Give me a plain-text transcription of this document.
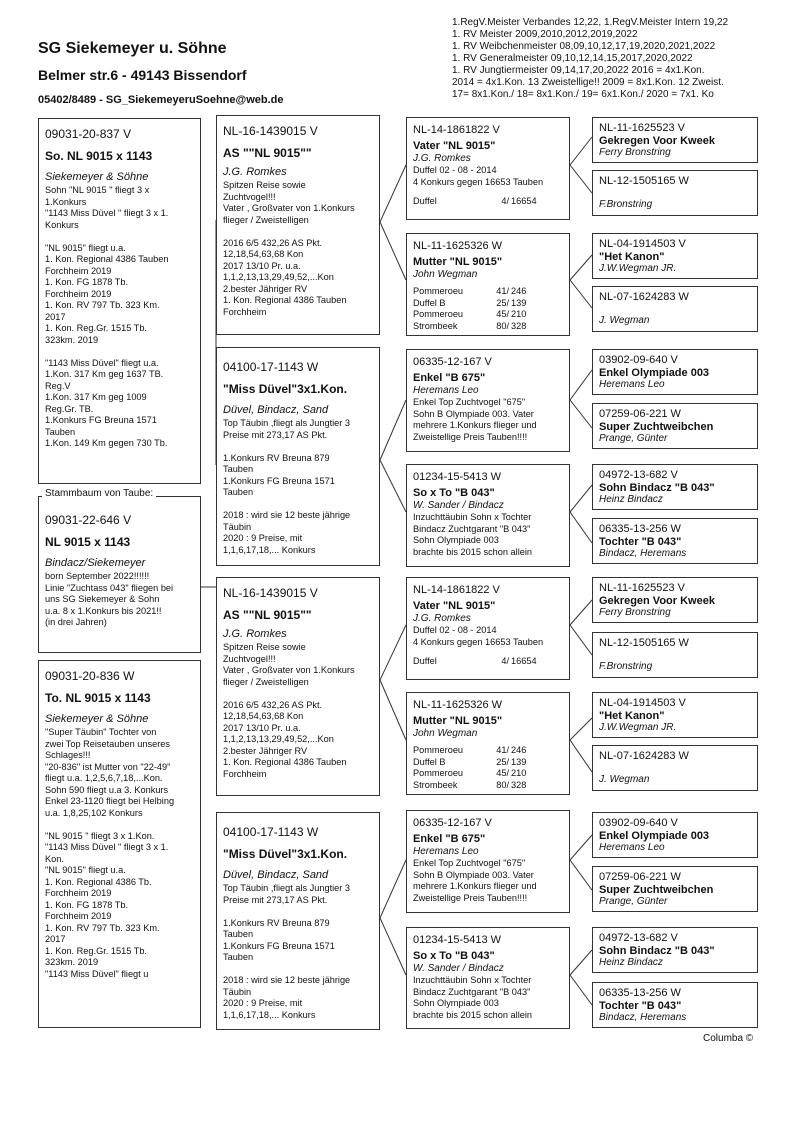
SG Siekemeyer u. Söhne
Belmer str.6 - 49143 Bissendorf
05402/8489 - SG_SiekemeyeruSoehne@web.de
1.RegV.Meister Verbandes 12,22, 1.RegV.Meister Intern 19,22
1. RV Meister 2009,2010,2012,2019,2022
1. RV Weibchenmeister 08,09,10,12,17,19,2020,2021,2022
1. RV Generalmeister 09,10,12,14,15,2017,2020,2022
1. RV Jungtiermeister 09,14,17,20,2022 2016 = 4x1.Kon.
2014 = 4x1.Kon. 13 Zweistellige!! 2009 = 8x1.Kon. 12 Zweist.
17= 8x1.Kon./ 18= 8x1.Kon./ 19= 6x1.Kon./ 2020 = 7x1. Ko
09031-20-837 V
So. NL 9015 x 1143
Siekemeyer & Söhne
Sohn "NL 9015 " fliegt 3 x
1.Konkurs
"1143 Miss Düvel " fliegt 3 x 1.
Konkurs

"NL 9015" fliegt u.a.
1. Kon. Regional 4386 Tauben
Forchheim 2019
1. Kon. FG 1878 Tb.
Forchheim 2019
1. Kon. RV 797 Tb. 323 Km.
2017
1. Kon. Reg.Gr. 1515 Tb.
323km. 2019

"1143 Miss Düvel" fliegt u.a.
1.Kon. 317 Km geg 1637 TB.
Reg.V
1.Kon. 317 Km geg 1009
Reg.Gr. TB.
1.Konkurs FG Breuna 1571
Tauben
1.Kon. 149 Km gegen 730 Tb.
09031-22-646 V
NL 9015 x 1143
Bindacz/Siekemeyer
born September 2022!!!!!!
Linie "Zuchtass 043" fliegen bei
uns SG Siekemeyer & Sohn
u.a. 8 x 1.Konkurs bis 2021!!
(in drei Jahren)
Stammbaum von Taube:
09031-20-836 W
To. NL 9015 x 1143
Siekemeyer & Söhne
"Super Täubin" Tochter von
zwei Top Reisetauben unseres
Schlages!!!
"20-836" ist Mutter von "22-49"
fliegt u.a. 1,2,5,6,7,18,...Kon.
Sohn 590 fliegt u.a 3. Konkurs
Enkel 23-1120 fliegt bei Helbing
u.a. 1,8,25,102 Konkurs

"NL 9015 " fliegt 3 x 1.Kon.
"1143 Miss Düvel " fliegt 3 x 1.
Kon.
"NL 9015" fliegt u.a.
1. Kon. Regional 4386 Tb.
Forchheim 2019
1. Kon. FG 1878 Tb.
Forchheim 2019
1. Kon. RV 797 Tb. 323 Km.
2017
1. Kon. Reg.Gr. 1515 Tb.
323km. 2019
"1143 Miss Düvel" fliegt u
NL-16-1439015 V
AS ""NL 9015""
J.G. Romkes
Spitzen Reise sowie
Zuchtvogel!!!
Vater , Großvater von 1.Konkurs
flieger / Zweistelligen

2016 6/5 432,26 AS Pkt.
12,18,54,63,68 Kon
2017 13/10 Pr. u.a.
1,1,2,13,13,29,49,52,...Kon
2.bester Jähriger RV
1. Kon. Regional 4386 Tauben
Forchheim
04100-17-1143 W
"Miss Düvel"3x1.Kon.
Düvel, Bindacz, Sand
Top Täubin ,fliegt als Jungtier 3
Preise mit 273,17 AS Pkt.

1.Konkurs RV Breuna 879
Tauben
1.Konkurs FG Breuna 1571
Tauben

2018 : wird sie 12 beste jährige
Täubin
2020 : 9 Preise, mit
1,1,6,17,18,... Konkurs
NL-16-1439015 V
AS ""NL 9015""
J.G. Romkes
Spitzen Reise sowie
Zuchtvogel!!!
Vater , Großvater von 1.Konkurs
flieger / Zweistelligen

2016 6/5 432,26 AS Pkt.
12,18,54,63,68 Kon
2017 13/10 Pr. u.a.
1,1,2,13,13,29,49,52,...Kon
2.bester Jähriger RV
1. Kon. Regional 4386 Tauben
Forchheim
04100-17-1143 W
"Miss Düvel"3x1.Kon.
Düvel, Bindacz, Sand
Top Täubin ,fliegt als Jungtier 3
Preise mit 273,17 AS Pkt.

1.Konkurs RV Breuna 879
Tauben
1.Konkurs FG Breuna 1571
Tauben

2018 : wird sie 12 beste jährige
Täubin
2020 : 9 Preise, mit
1,1,6,17,18,... Konkurs
NL-14-1861822 V
Vater "NL 9015"
J.G. Romkes
Duffel 02 - 08 - 2014
4 Konkurs gegen 16653 Tauben
Duffel	4/ 16654
NL-11-1625326 W
Mutter "NL 9015"
John Wegman
Pommeroeu	41/ 246
Duffel B	25/ 139
Pommeroeu	45/ 210
Strombeek	80/ 328
06335-12-167 V
Enkel "B 675"
Heremans Leo
Enkel Top Zuchtvogel "675"
Sohn B Olympiade 003. Vater
mehrere 1.Konkurs flieger und
Zweistellige Preis Tauben!!!!
01234-15-5413 W
So x To "B 043"
W. Sander / Bindacz
Inzuchttäubin Sohn x Tochter
Bindacz Zuchtgarant "B 043"
Sohn Olympiade 003
brachte bis 2015 schon allein
NL-14-1861822 V
Vater "NL 9015"
J.G. Romkes
Duffel 02 - 08 - 2014
4 Konkurs gegen 16653 Tauben
Duffel	4/ 16654
NL-11-1625326 W
Mutter "NL 9015"
John Wegman
Pommeroeu	41/ 246
Duffel B	25/ 139
Pommeroeu	45/ 210
Strombeek	80/ 328
06335-12-167 V
Enkel "B 675"
Heremans Leo
Enkel Top Zuchtvogel "675"
Sohn B Olympiade 003. Vater
mehrere 1.Konkurs flieger und
Zweistellige Preis Tauben!!!!
01234-15-5413 W
So x To "B 043"
W. Sander / Bindacz
Inzuchttäubin Sohn x Tochter
Bindacz Zuchtgarant "B 043"
Sohn Olympiade 003
brachte bis 2015 schon allein
NL-11-1625523 V
Gekregen Voor Kweek
Ferry Bronstring
NL-12-1505165 W
F.Bronstring
NL-04-1914503 V
"Het Kanon"
J.W.Wegman JR.
NL-07-1624283 W
J. Wegman
03902-09-640 V
Enkel Olympiade 003
Heremans Leo
07259-06-221 W
Super Zuchtweibchen
Prange, Günter
04972-13-682 V
Sohn Bindacz "B 043"
Heinz Bindacz
06335-13-256 W
Tochter "B 043"
Bindacz, Heremans
NL-11-1625523 V
Gekregen Voor Kweek
Ferry Bronstring
NL-12-1505165 W
F.Bronstring
NL-04-1914503 V
"Het Kanon"
J.W.Wegman JR.
NL-07-1624283 W
J. Wegman
03902-09-640 V
Enkel Olympiade 003
Heremans Leo
07259-06-221 W
Super Zuchtweibchen
Prange, Günter
04972-13-682 V
Sohn Bindacz "B 043"
Heinz Bindacz
06335-13-256 W
Tochter "B 043"
Bindacz, Heremans
Columba ©
